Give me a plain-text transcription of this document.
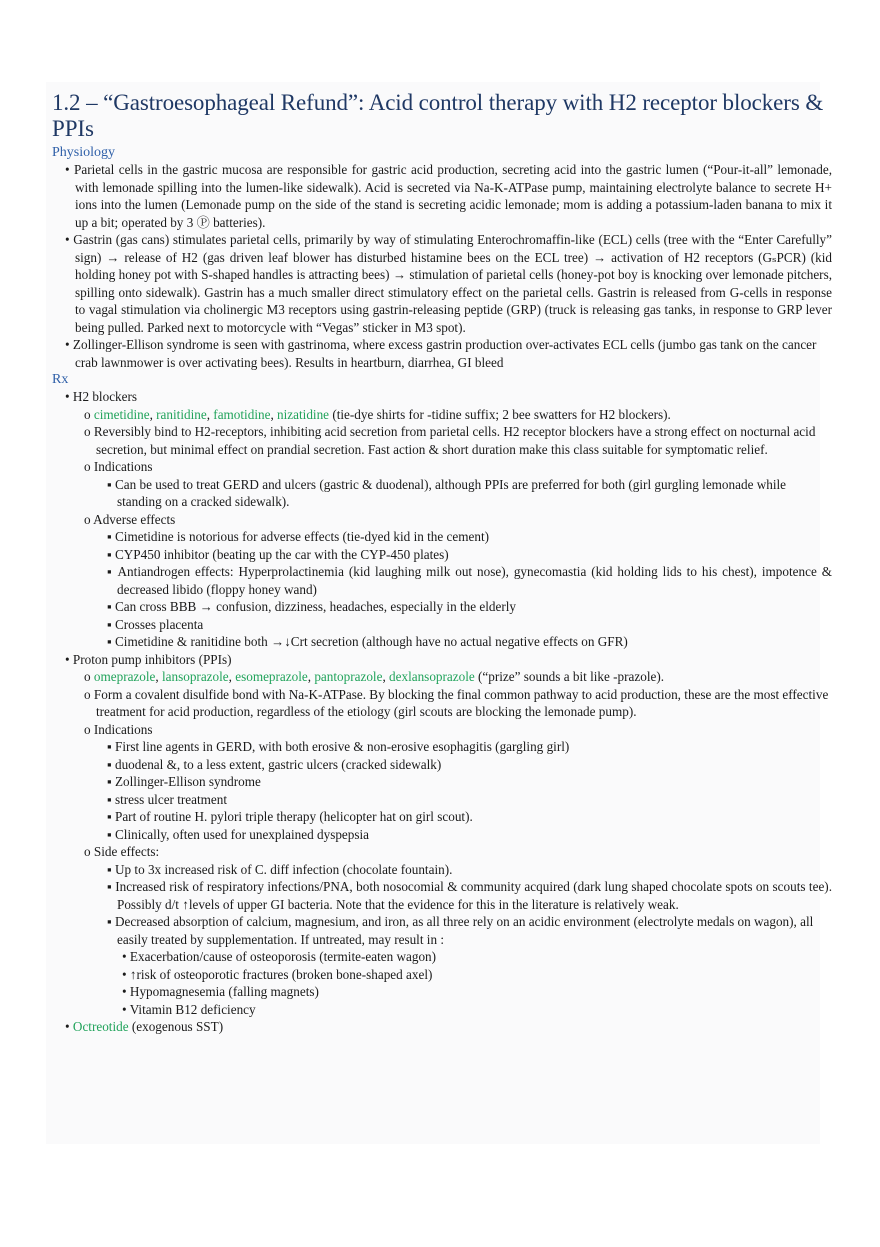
1.2 – “Gastroesophageal Refund”: Acid control therapy with H2 receptor blockers & PPIs

Physiology

• Parietal cells in the gastric mucosa are responsible for gastric acid production, secreting acid into the gastric lumen (“Pour-it-all” lemonade, with lemonade spilling into the lumen-like sidewalk). Acid is secreted via Na-K-ATPase pump, maintaining electrolyte balance to secrete H+ ions into the lumen (Lemonade pump on the side of the stand is secreting acidic lemonade; mom is adding a potassium-laden banana to mix it up a bit; operated by 3 Ⓟ batteries).

• Gastrin (gas cans) stimulates parietal cells, primarily by way of stimulating Enterochromaffin-like (ECL) cells (tree with the “Enter Carefully” sign) → release of H2 (gas driven leaf blower has disturbed histamine bees on the ECL tree) → activation of H2 receptors (GₛPCR) (kid holding honey pot with S-shaped handles is attracting bees) → stimulation of parietal cells (honey-pot boy is knocking over lemonade pitchers, spilling onto sidewalk). Gastrin has a much smaller direct stimulatory effect on the parietal cells. Gastrin is released from G-cells in response to vagal stimulation via cholinergic M3 receptors using gastrin-releasing peptide (GRP) (truck is releasing gas tanks, in response to GRP lever being pulled. Parked next to motorcycle with “Vegas” sticker in M3 spot).

• Zollinger-Ellison syndrome is seen with gastrinoma, where excess gastrin production over-activates ECL cells (jumbo gas tank on the cancer crab lawnmower is over activating bees). Results in heartburn, diarrhea, GI bleed

Rx

• H2 blockers

o cimetidine, ranitidine, famotidine, nizatidine (tie-dye shirts for -tidine suffix; 2 bee swatters for H2 blockers).

o Reversibly bind to H2-receptors, inhibiting acid secretion from parietal cells. H2 receptor blockers have a strong effect on nocturnal acid secretion, but minimal effect on prandial secretion. Fast action & short duration make this class suitable for symptomatic relief.

o Indications

▪ Can be used to treat GERD and ulcers (gastric & duodenal), although PPIs are preferred for both (girl gurgling lemonade while standing on a cracked sidewalk).

o Adverse effects

▪ Cimetidine is notorious for adverse effects (tie-dyed kid in the cement)

▪ CYP450 inhibitor (beating up the car with the CYP-450 plates)

▪ Antiandrogen effects: Hyperprolactinemia (kid laughing milk out nose), gynecomastia (kid holding lids to his chest), impotence & decreased libido (floppy honey wand)

▪ Can cross BBB → confusion, dizziness, headaches, especially in the elderly

▪ Crosses placenta

▪ Cimetidine & ranitidine both →↓Crt secretion (although have no actual negative effects on GFR)

• Proton pump inhibitors (PPIs)

o omeprazole, lansoprazole, esomeprazole, pantoprazole, dexlansoprazole (“prize” sounds a bit like -prazole).

o Form a covalent disulfide bond with Na-K-ATPase. By blocking the final common pathway to acid production, these are the most effective treatment for acid production, regardless of the etiology (girl scouts are blocking the lemonade pump).

o Indications

▪ First line agents in GERD, with both erosive & non-erosive esophagitis (gargling girl)

▪ duodenal &, to a less extent, gastric ulcers (cracked sidewalk)

▪ Zollinger-Ellison syndrome

▪ stress ulcer treatment

▪ Part of routine H. pylori triple therapy (helicopter hat on girl scout).

▪ Clinically, often used for unexplained dyspepsia

o Side effects:

▪ Up to 3x increased risk of C. diff infection (chocolate fountain).

▪ Increased risk of respiratory infections/PNA, both nosocomial & community acquired (dark lung shaped chocolate spots on scouts tee). Possibly d/t ↑levels of upper GI bacteria. Note that the evidence for this in the literature is relatively weak.

▪ Decreased absorption of calcium, magnesium, and iron, as all three rely on an acidic environment (electrolyte medals on wagon), all easily treated by supplementation. If untreated, may result in :

• Exacerbation/cause of osteoporosis (termite-eaten wagon)

• ↑risk of osteoporotic fractures (broken bone-shaped axel)

• Hypomagnesemia (falling magnets)

• Vitamin B12 deficiency

• Octreotide (exogenous SST)
